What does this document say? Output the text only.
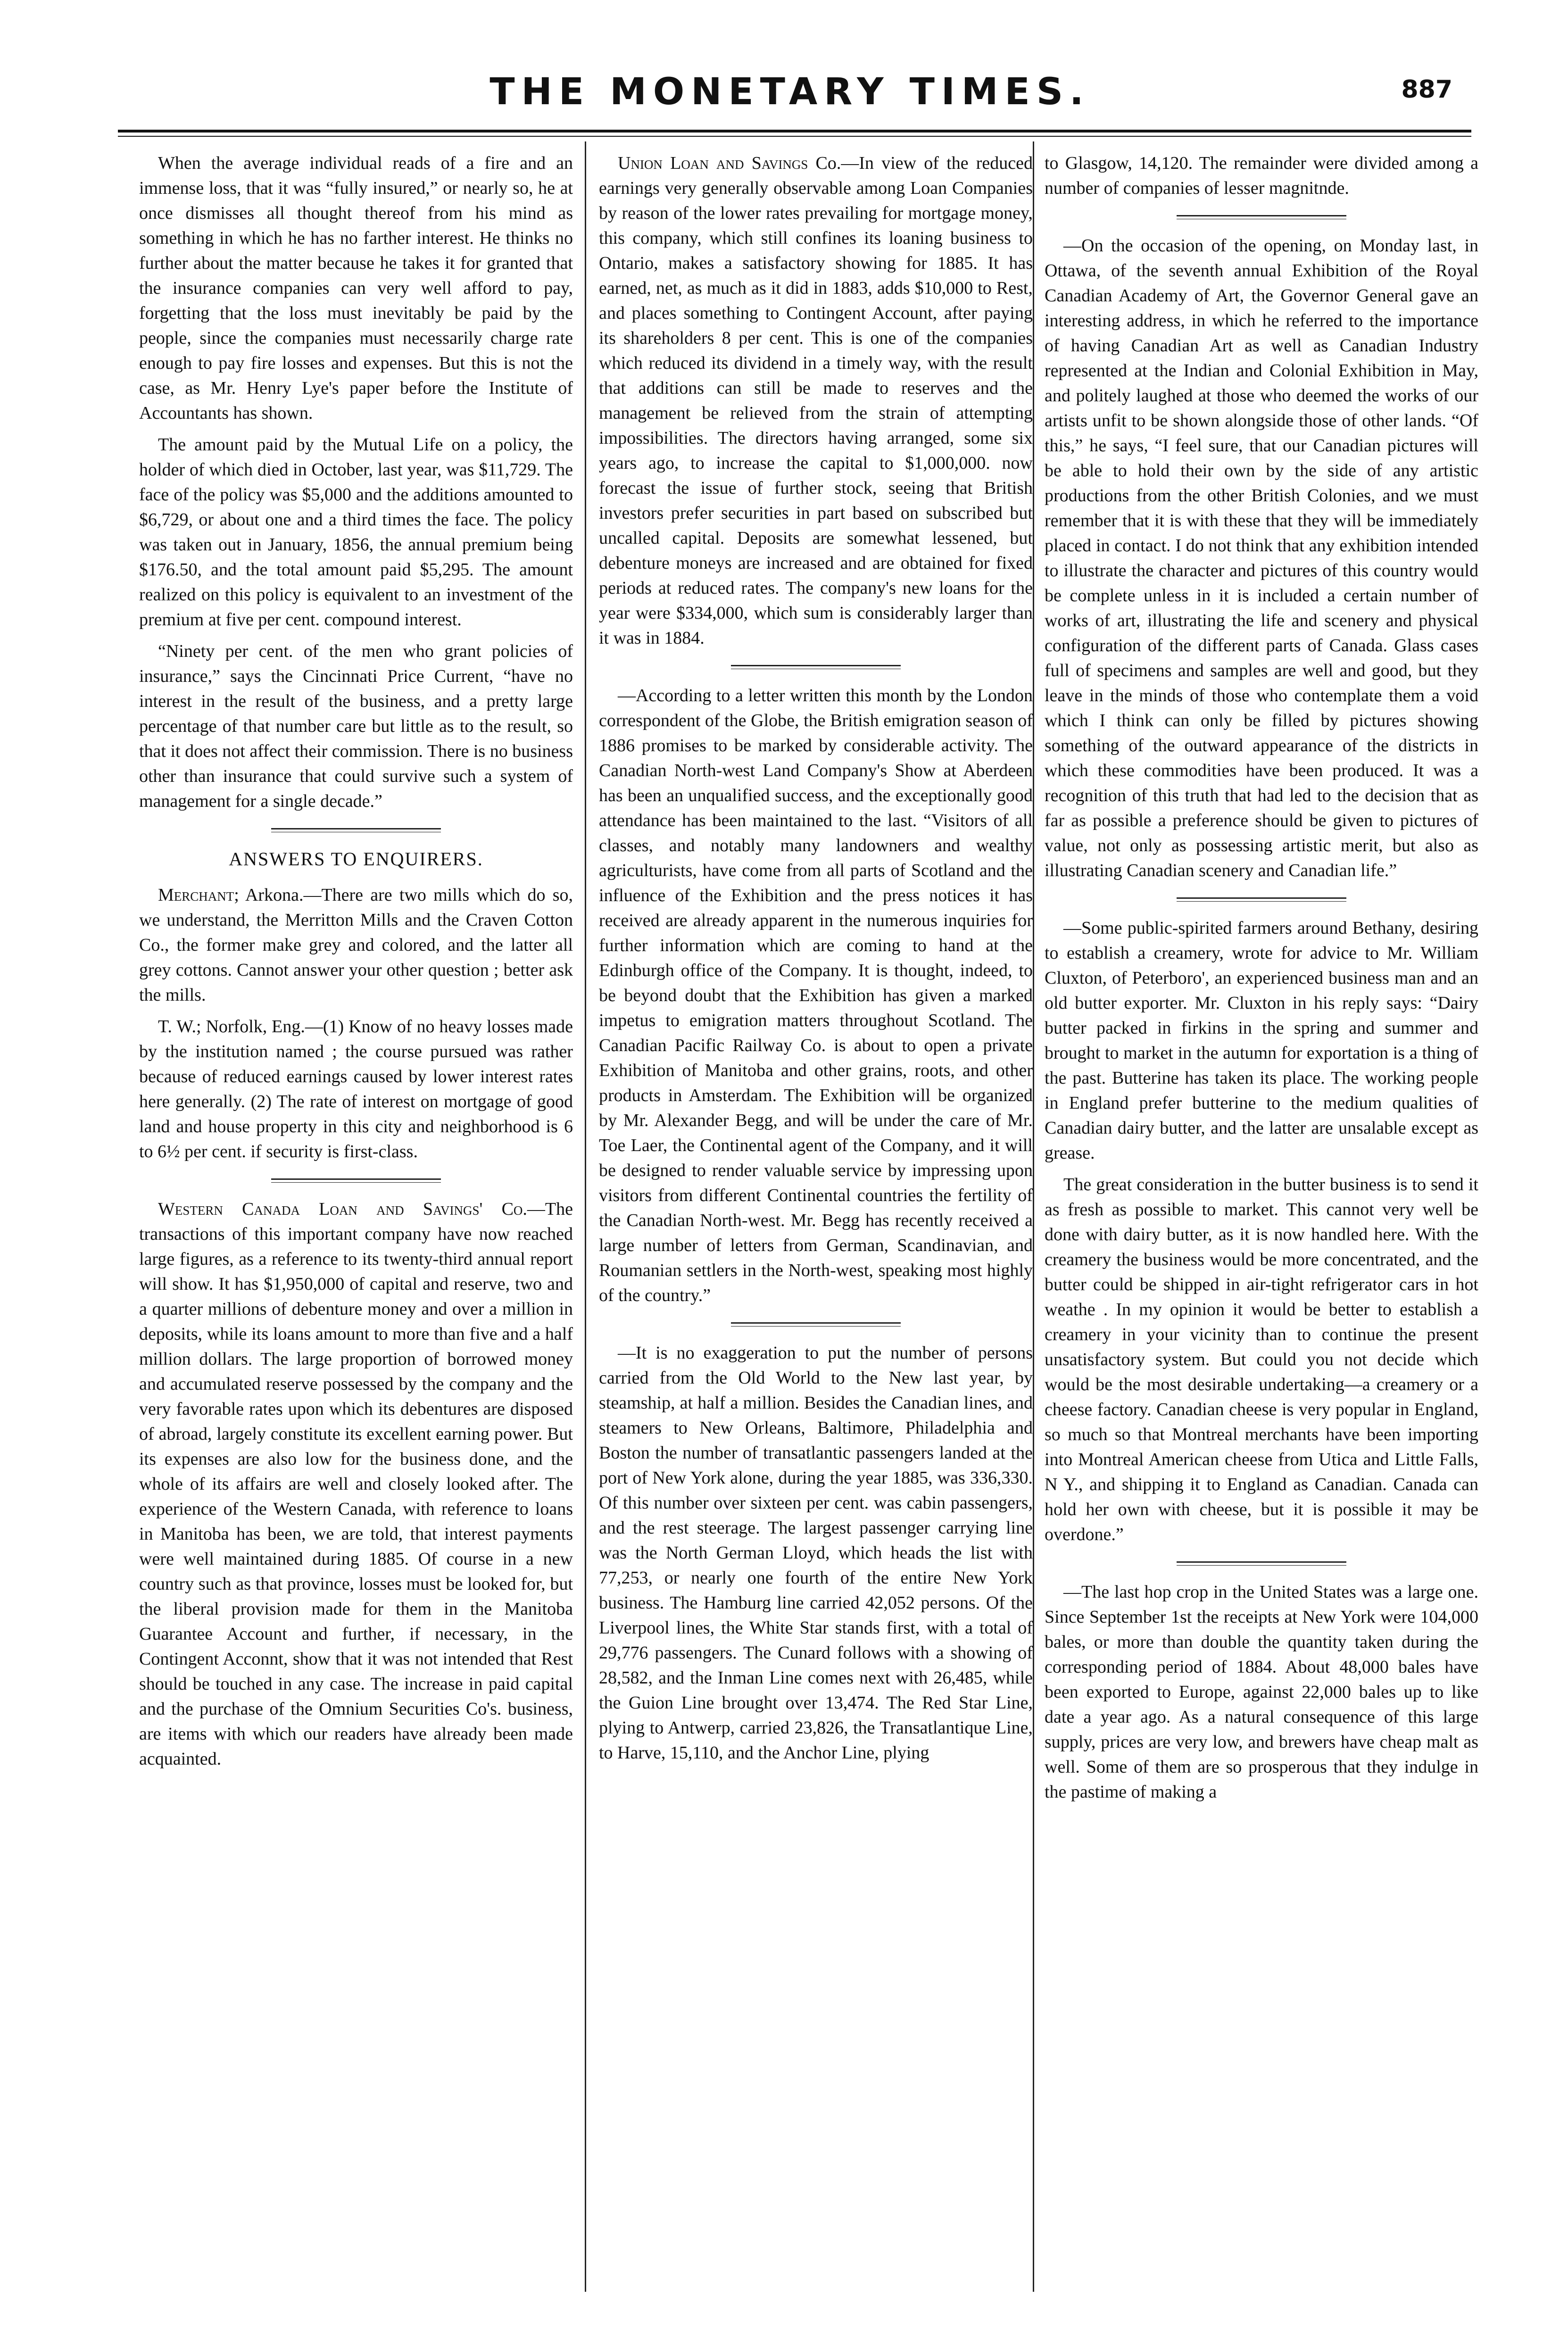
THE MONETARY TIMES.	887

When the average individual reads of a fire and an immense loss, that it was “fully insured,” or nearly so, he at once dismisses all thought thereof from his mind as something in which he has no farther interest. He thinks no further about the matter because he takes it for granted that the insurance companies can very well afford to pay, forgetting that the loss must inevitably be paid by the people, since the companies must necessarily charge rate enough to pay fire losses and expenses. But this is not the case, as Mr. Henry Lye's paper before the Institute of Accountants has shown.

The amount paid by the Mutual Life on a policy, the holder of which died in October, last year, was $11,729. The face of the policy was $5,000 and the additions amounted to $6,729, or about one and a third times the face. The policy was taken out in January, 1856, the annual premium being $176.50, and the total amount paid $5,295. The amount realized on this policy is equivalent to an investment of the premium at five per cent. compound interest.

“Ninety per cent. of the men who grant policies of insurance,” says the Cincinnati Price Current, “have no interest in the result of the business, and a pretty large percentage of that number care but little as to the result, so that it does not affect their commission. There is no business other than insurance that could survive such a system of management for a single decade.”

ANSWERS TO ENQUIRERS.

Merchant; Arkona.—There are two mills which do so, we understand, the Merritton Mills and the Craven Cotton Co., the former make grey and colored, and the latter all grey cottons. Cannot answer your other question ; better ask the mills.

T. W.; Norfolk, Eng.—(1) Know of no heavy losses made by the institution named ; the course pursued was rather because of reduced earnings caused by lower interest rates here generally. (2) The rate of interest on mortgage of good land and house property in this city and neighborhood is 6 to 6½ per cent. if security is first-class.

Western Canada Loan and Savings' Co.—The transactions of this important company have now reached large figures, as a reference to its twenty-third annual report will show. It has $1,950,000 of capital and reserve, two and a quarter millions of debenture money and over a million in deposits, while its loans amount to more than five and a half million dollars. The large proportion of borrowed money and accumulated reserve possessed by the company and the very favorable rates upon which its debentures are disposed of abroad, largely constitute its excellent earning power. But its expenses are also low for the business done, and the whole of its affairs are well and closely looked after. The experience of the Western Canada, with reference to loans in Manitoba has been, we are told, that interest payments were well maintained during 1885. Of course in a new country such as that province, losses must be looked for, but the liberal provision made for them in the Manitoba Guarantee Account and further, if necessary, in the Contingent Acconnt, show that it was not intended that Rest should be touched in any case. The increase in paid capital and the purchase of the Omnium Securities Co's. business, are items with which our readers have already been made acquainted.

Union Loan and Savings Co.—In view of the reduced earnings very generally observable among Loan Companies by reason of the lower rates prevailing for mortgage money, this company, which still confines its loaning business to Ontario, makes a satisfactory showing for 1885. It has earned, net, as much as it did in 1883, adds $10,000 to Rest, and places something to Contingent Account, after paying its shareholders 8 per cent. This is one of the companies which reduced its dividend in a timely way, with the result that additions can still be made to reserves and the management be relieved from the strain of attempting impossibilities. The directors having arranged, some six years ago, to increase the capital to $1,000,000. now forecast the issue of further stock, seeing that British investors prefer securities in part based on subscribed but uncalled capital. Deposits are somewhat lessened, but debenture moneys are increased and are obtained for fixed periods at reduced rates. The company's new loans for the year were $334,000, which sum is considerably larger than it was in 1884.

—According to a letter written this month by the London correspondent of the Globe, the British emigration season of 1886 promises to be marked by considerable activity. The Canadian North-west Land Company's Show at Aberdeen has been an unqualified success, and the exceptionally good attendance has been maintained to the last. “Visitors of all classes, and notably many landowners and wealthy agriculturists, have come from all parts of Scotland and the influence of the Exhibition and the press notices it has received are already apparent in the numerous inquiries for further information which are coming to hand at the Edinburgh office of the Company. It is thought, indeed, to be beyond doubt that the Exhibition has given a marked impetus to emigration matters throughout Scotland. The Canadian Pacific Railway Co. is about to open a private Exhibition of Manitoba and other grains, roots, and other products in Amsterdam. The Exhibition will be organized by Mr. Alexander Begg, and will be under the care of Mr. Toe Laer, the Continental agent of the Company, and it will be designed to render valuable service by impressing upon visitors from different Continental countries the fertility of the Canadian North-west. Mr. Begg has recently received a large number of letters from German, Scandinavian, and Roumanian settlers in the North-west, speaking most highly of the country.”

—It is no exaggeration to put the number of persons carried from the Old World to the New last year, by steamship, at half a million. Besides the Canadian lines, and steamers to New Orleans, Baltimore, Philadelphia and Boston the number of transatlantic passengers landed at the port of New York alone, during the year 1885, was 336,330. Of this number over sixteen per cent. was cabin passengers, and the rest steerage. The largest passenger carrying line was the North German Lloyd, which heads the list with 77,253, or nearly one fourth of the entire New York business. The Hamburg line carried 42,052 persons. Of the Liverpool lines, the White Star stands first, with a total of 29,776 passengers. The Cunard follows with a showing of 28,582, and the Inman Line comes next with 26,485, while the Guion Line brought over 13,474. The Red Star Line, plying to Antwerp, carried 23,826, the Transatlantique Line, to Harve, 15,110, and the Anchor Line, plying

to Glasgow, 14,120. The remainder were divided among a number of companies of lesser magnitnde.

—On the occasion of the opening, on Monday last, in Ottawa, of the seventh annual Exhibition of the Royal Canadian Academy of Art, the Governor General gave an interesting address, in which he referred to the importance of having Canadian Art as well as Canadian Industry represented at the Indian and Colonial Exhibition in May, and politely laughed at those who deemed the works of our artists unfit to be shown alongside those of other lands. “Of this,” he says, “I feel sure, that our Canadian pictures will be able to hold their own by the side of any artistic productions from the other British Colonies, and we must remember that it is with these that they will be immediately placed in contact. I do not think that any exhibition intended to illustrate the character and pictures of this country would be complete unless in it is included a certain number of works of art, illustrating the life and scenery and physical configuration of the different parts of Canada. Glass cases full of specimens and samples are well and good, but they leave in the minds of those who contemplate them a void which I think can only be filled by pictures showing something of the outward appearance of the districts in which these commodities have been produced. It was a recognition of this truth that had led to the decision that as far as possible a preference should be given to pictures of value, not only as possessing artistic merit, but also as illustrating Canadian scenery and Canadian life.”

—Some public-spirited farmers around Bethany, desiring to establish a creamery, wrote for advice to Mr. William Cluxton, of Peterboro', an experienced business man and an old butter exporter. Mr. Cluxton in his reply says: “Dairy butter packed in firkins in the spring and summer and brought to market in the autumn for exportation is a thing of the past. Butterine has taken its place. The working people in England prefer butterine to the medium qualities of Canadian dairy butter, and the latter are unsalable except as grease.

The great consideration in the butter business is to send it as fresh as possible to market. This cannot very well be done with dairy butter, as it is now handled here. With the creamery the business would be more concentrated, and the butter could be shipped in air-tight refrigerator cars in hot weathe . In my opinion it would be better to establish a creamery in your vicinity than to continue the present unsatisfactory system. But could you not decide which would be the most desirable undertaking—a creamery or a cheese factory. Canadian cheese is very popular in England, so much so that Montreal merchants have been importing into Montreal American cheese from Utica and Little Falls, N Y., and shipping it to England as Canadian. Canada can hold her own with cheese, but it is possible it may be overdone.”

—The last hop crop in the United States was a large one. Since September 1st the receipts at New York were 104,000 bales, or more than double the quantity taken during the corresponding period of 1884. About 48,000 bales have been exported to Europe, against 22,000 bales up to like date a year ago. As a natural consequence of this large supply, prices are very low, and brewers have cheap malt as well. Some of them are so prosperous that they indulge in the pastime of making a
